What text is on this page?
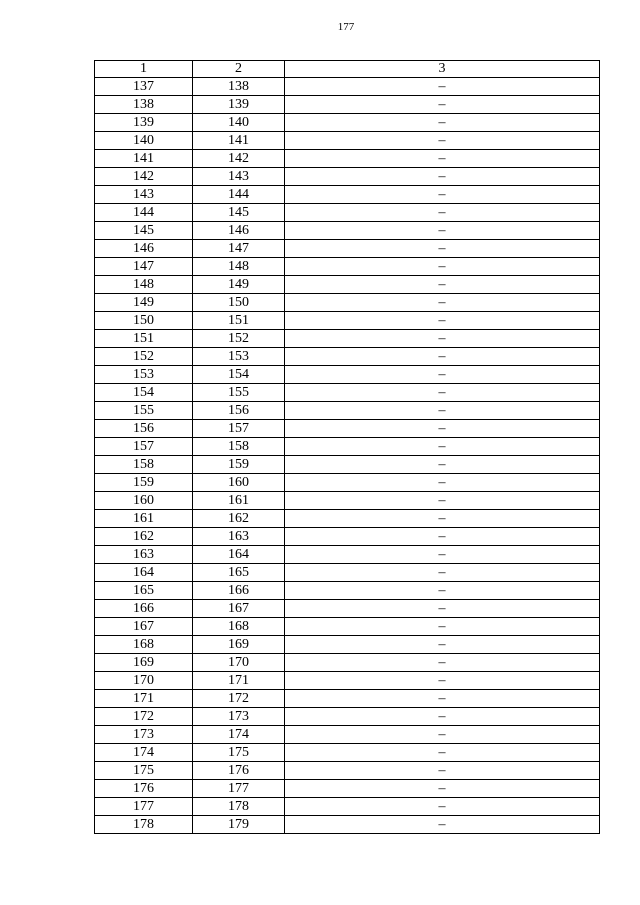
177
1	2	3
137	138	–
138	139	–
139	140	–
140	141	–
141	142	–
142	143	–
143	144	–
144	145	–
145	146	–
146	147	–
147	148	–
148	149	–
149	150	–
150	151	–
151	152	–
152	153	–
153	154	–
154	155	–
155	156	–
156	157	–
157	158	–
158	159	–
159	160	–
160	161	–
161	162	–
162	163	–
163	164	–
164	165	–
165	166	–
166	167	–
167	168	–
168	169	–
169	170	–
170	171	–
171	172	–
172	173	–
173	174	–
174	175	–
175	176	–
176	177	–
177	178	–
178	179	–
